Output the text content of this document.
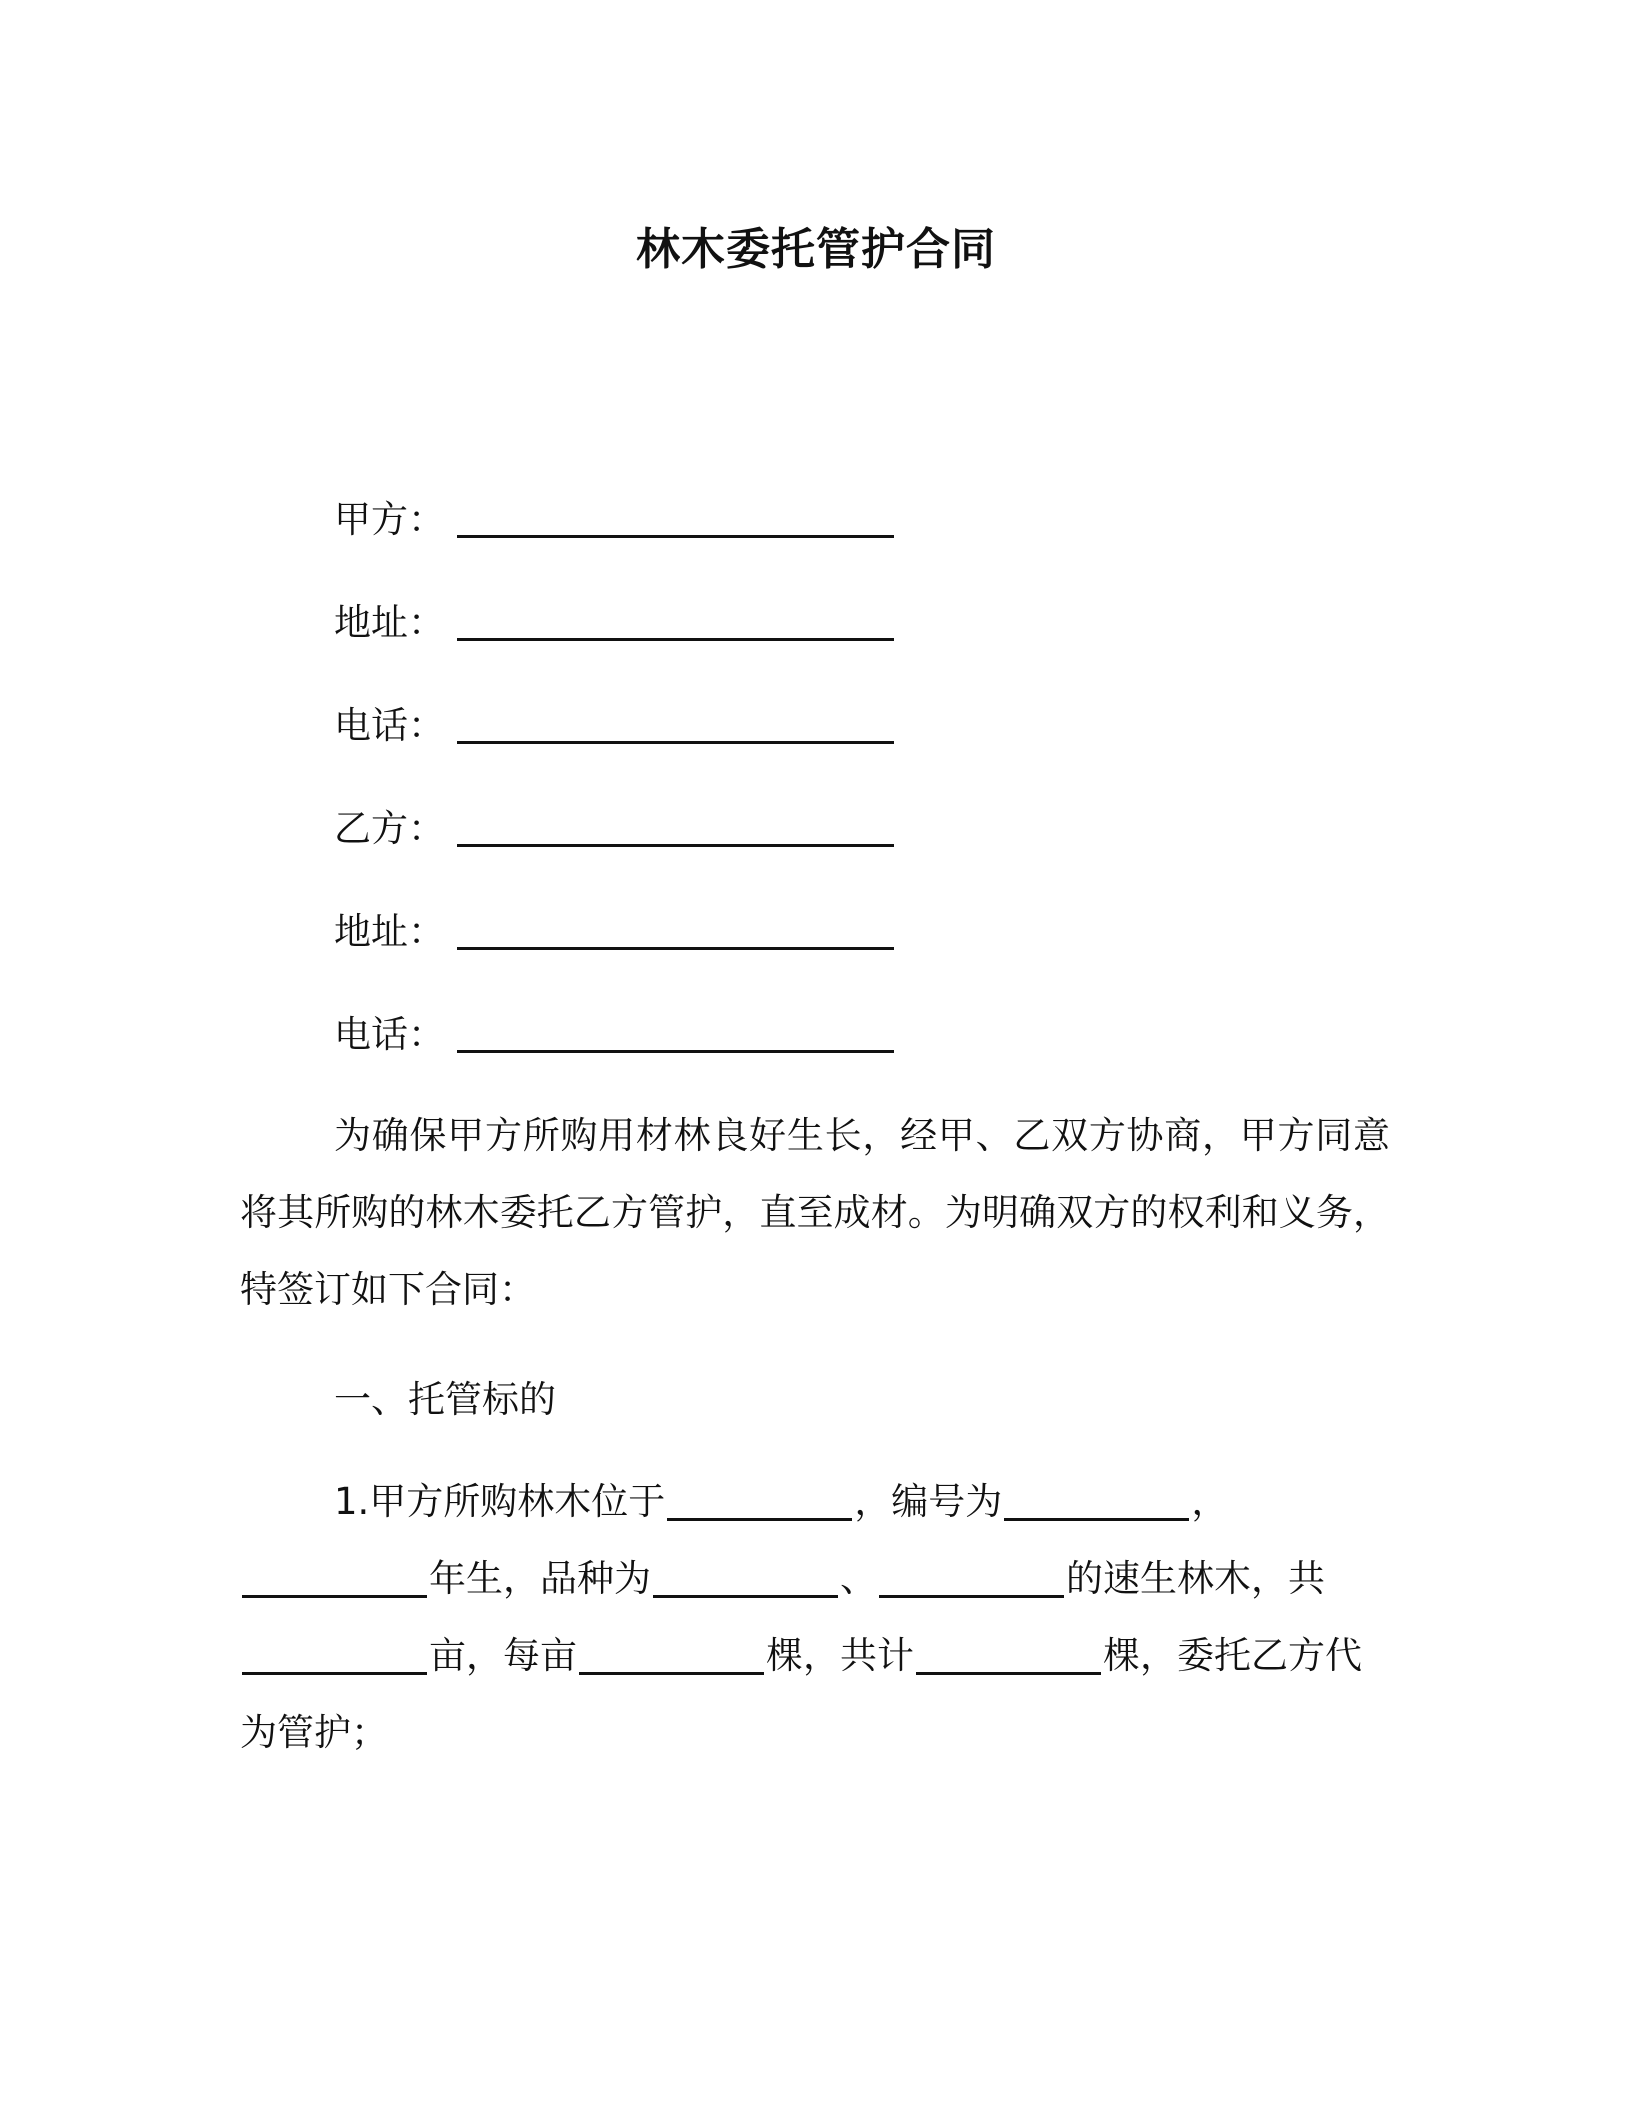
林木委托管护合同
甲方：
地址：
电话：
乙方：
地址：
电话：
为确保甲方所购用材林良好生长，经甲、乙双方协商，甲方同意将其所购的林木委托乙方管护，直至成材。为明确双方的权利和义务，特签订如下合同：
一、托管标的
1.甲方所购林木位于	，编号为	，
年生，品种为	、	的速生林木，共
亩，每亩	棵，共计	棵，委托乙方代
为管护；
